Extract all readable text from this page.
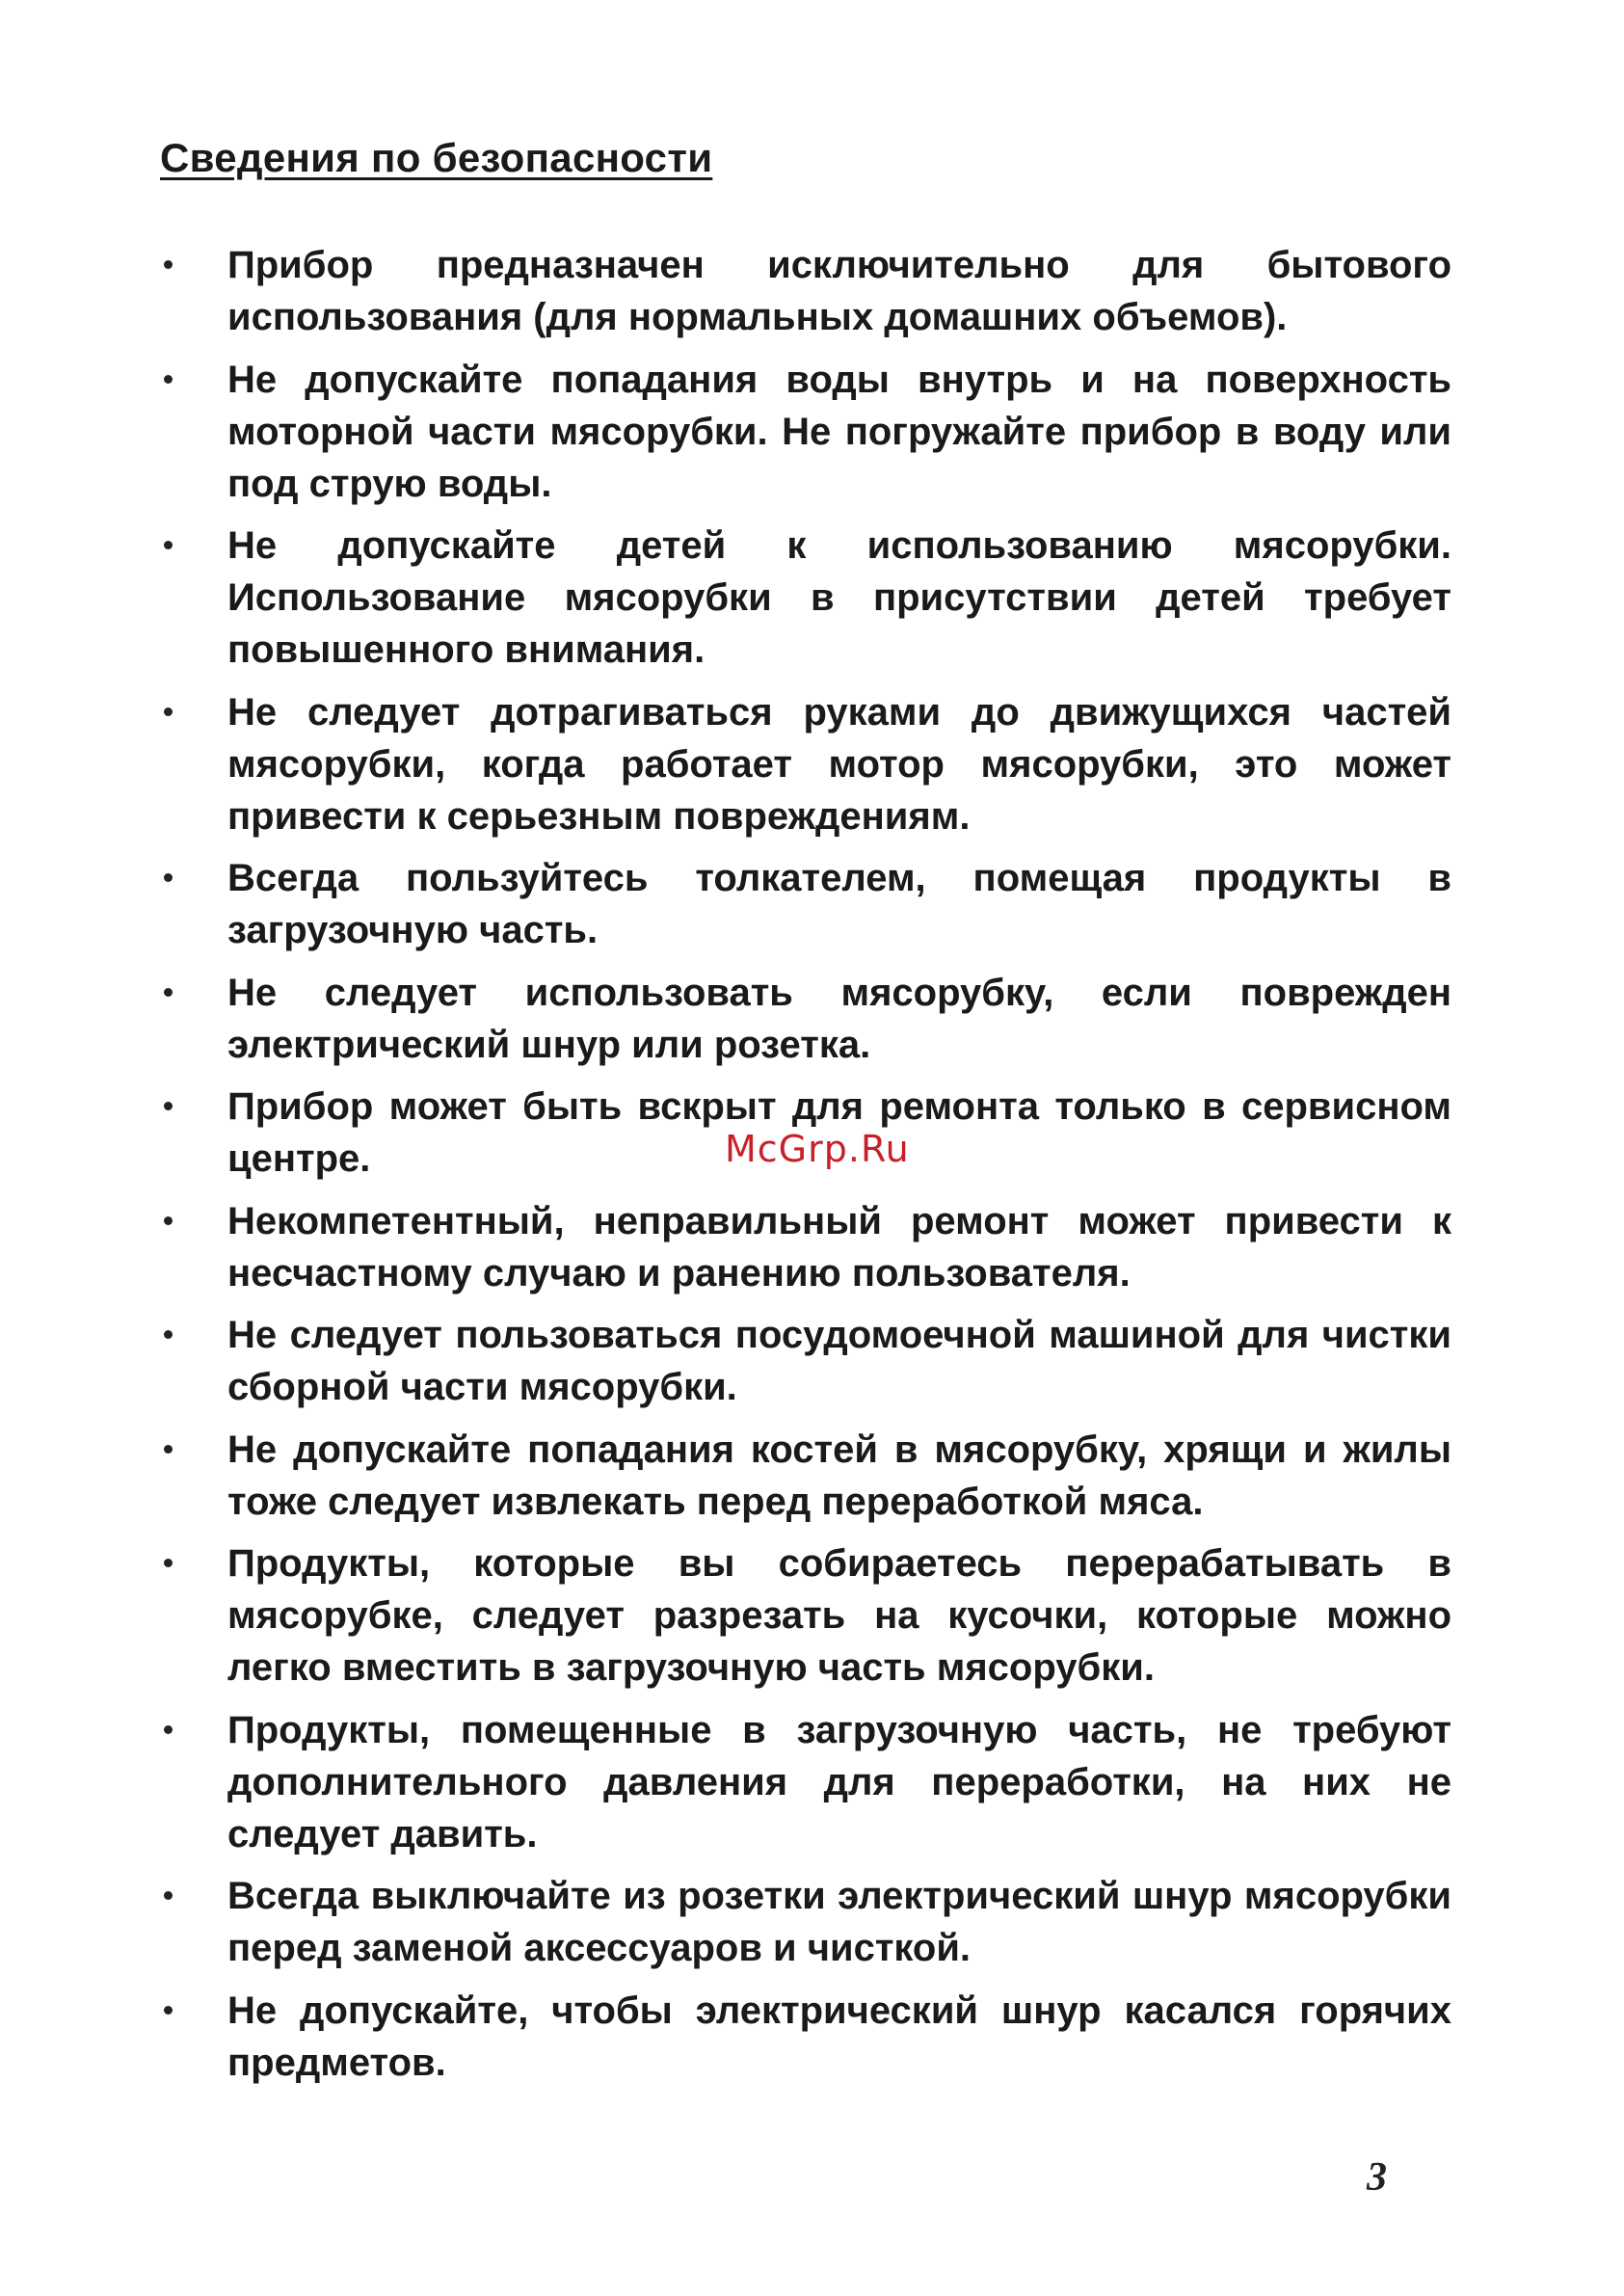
Сведения по безопасности
Прибор предназначен исключительно для бытового использования (для нормальных домашних объемов).
Не допускайте попадания воды внутрь и на поверхность моторной части мясорубки. Не погружайте прибор в воду или под струю воды.
Не допускайте детей к использованию мясорубки. Использование мясорубки в присутствии детей требует повышенного внимания.
Не следует дотрагиваться руками до движущихся частей мясорубки, когда работает мотор мясорубки, это может привести к серьезным повреждениям.
Всегда пользуйтесь толкателем, помещая продукты в загрузочную часть.
Не следует использовать мясорубку, если поврежден электрический шнур или розетка.
Прибор может быть вскрыт для ремонта только в сервисном центре.
Некомпетентный, неправильный ремонт может привести к несчастному случаю и ранению пользователя.
Не следует пользоваться посудомоечной машиной для чистки сборной части мясорубки.
Не допускайте попадания костей в мясорубку, хрящи и жилы тоже следует извлекать перед переработкой мяса.
Продукты, которые вы собираетесь перерабатывать в мясорубке, следует разрезать на кусочки, которые можно легко вместить в загрузочную часть мясорубки.
Продукты, помещенные в загрузочную часть, не требуют дополнительного давления для переработки, на них не следует давить.
Всегда выключайте из розетки электрический шнур мясорубки перед заменой аксессуаров и чисткой.
Не допускайте, чтобы электрический шнур касался горячих предметов.
McGrp.Ru
3
